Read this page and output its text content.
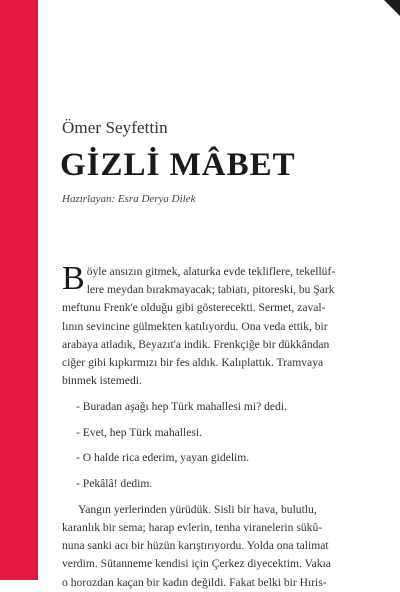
Ömer Seyfettin
GİZLİ MÂBET
Hazırlayan: Esra Derya Dilek
B öyle ansızın gitmek, alaturka evde tekliflere, tekellüf-
lere meydan bırakmayacak; tabiatı, pitoreski, bu Şark
meftunu Frenk'e olduğu gibi gösterecekti. Sermet, zaval-
lının sevincine gülmekten katılıyordu. Ona veda ettik, bir
arabaya atladık, Beyazıt'a indik. Frenkçiğe bir dükkândan
ciğer gibi kıpkırmızı bir fes aldık. Kalıplattık. Tramvaya
binmek istemedi.
- Buradan aşağı hep Türk mahallesi mi? dedi.
- Evet, hep Türk mahallesi.
- O halde rica ederim, yayan gidelim.
- Pekâlâ! dedim.
Yangın yerlerinden yürüdük. Sisli bir hava, bulutlu,
karanlık bir sema; harap evlerin, tenha viranelerin sükû-
nuna sanki acı bir hüzün karıştırıyordu. Yolda ona talimat
verdim. Sütanneme kendisi için Çerkez diyecektim. Vakıa
o horozdan kaçan bir kadın değildi. Fakat belki bir Hıris-
